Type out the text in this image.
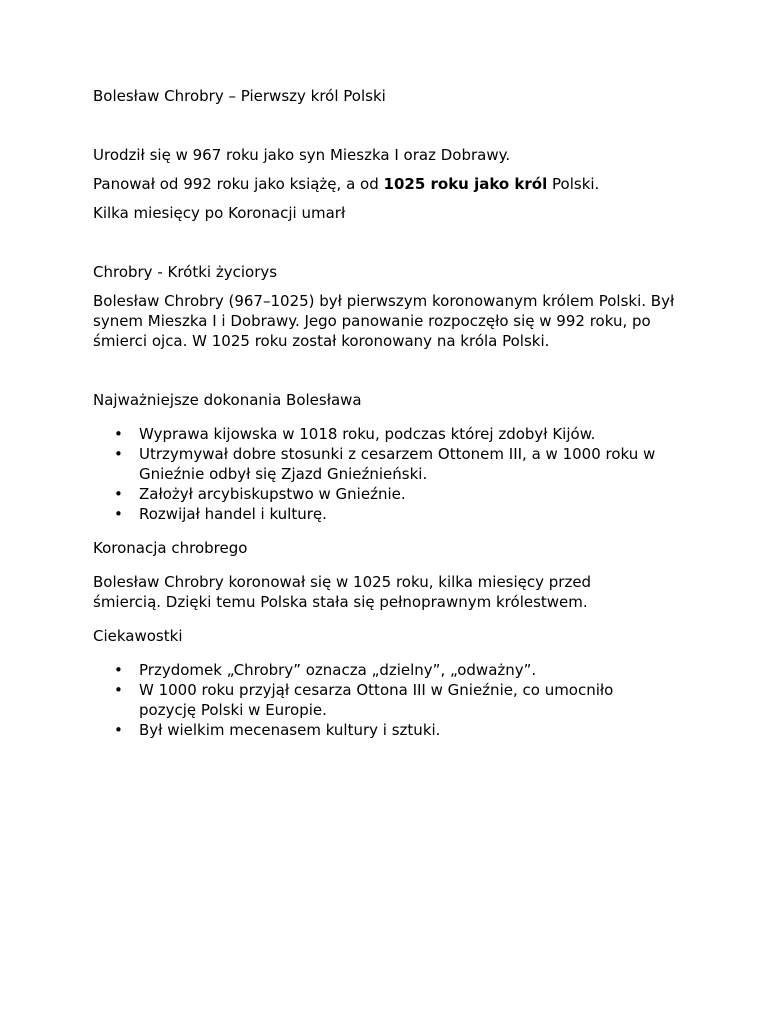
Bolesław Chrobry – Pierwszy król Polski
Urodził się w 967 roku jako syn Mieszka I oraz Dobrawy.
Panował od 992 roku jako książę, a od 1025 roku jako król Polski.
Kilka miesięcy po Koronacji umarł
Chrobry - Krótki życiorys
Bolesław Chrobry (967–1025) był pierwszym koronowanym królem Polski. Był synem Mieszka I i Dobrawy. Jego panowanie rozpoczęło się w 992 roku, po śmierci ojca. W 1025 roku został koronowany na króla Polski.
Najważniejsze dokonania Bolesława
• Wyprawa kijowska w 1018 roku, podczas której zdobył Kijów.
• Utrzymywał dobre stosunki z cesarzem Ottonem III, a w 1000 roku w Gnieźnie odbył się Zjazd Gnieźnieński.
• Założył arcybiskupstwo w Gnieźnie.
• Rozwijał handel i kulturę.
Koronacja chrobrego
Bolesław Chrobry koronował się w 1025 roku, kilka miesięcy przed śmiercią. Dzięki temu Polska stała się pełnoprawnym królestwem.
Ciekawostki
• Przydomek „Chrobry” oznacza „dzielny”, „odważny”.
• W 1000 roku przyjął cesarza Ottona III w Gnieźnie, co umocniło pozycję Polski w Europie.
• Był wielkim mecenasem kultury i sztuki.
